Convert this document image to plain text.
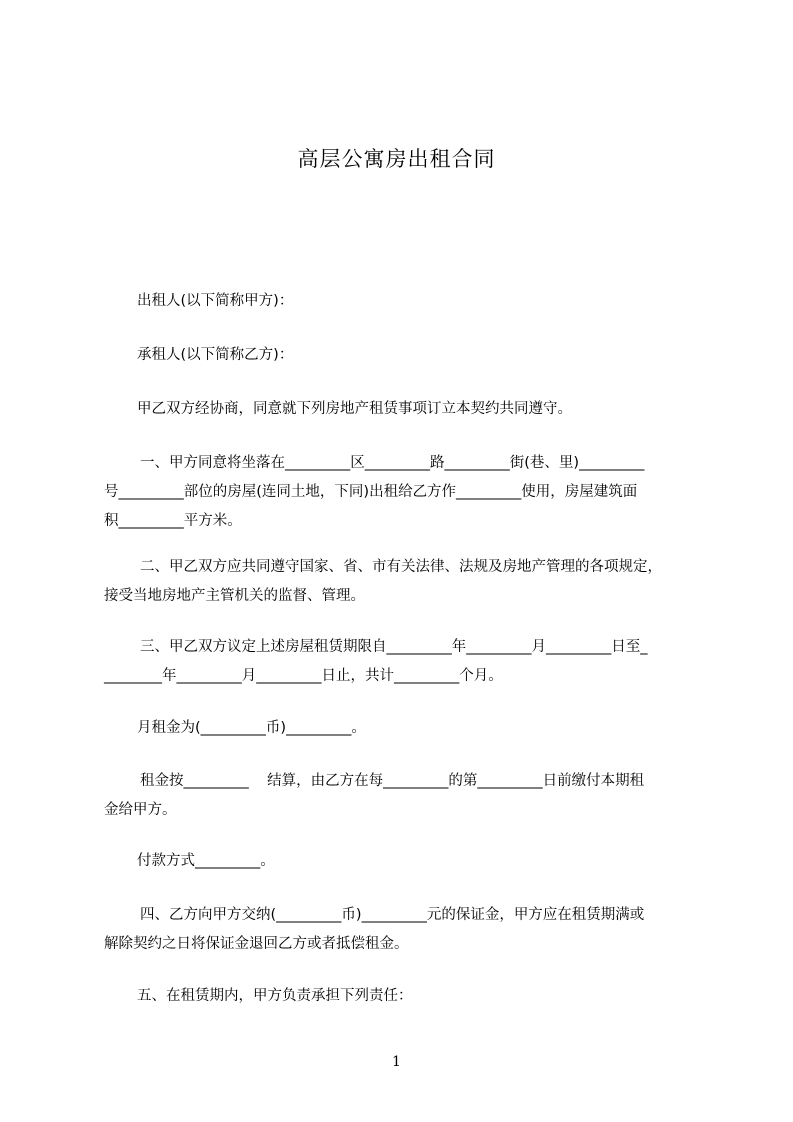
高层公寓房出租合同
出租人(以下简称甲方)：
承租人(以下简称乙方)：
甲乙双方经协商，同意就下列房地产租赁事项订立本契约共同遵守。
一、甲方同意将坐落在_________区_________路_________街(巷、里)_________
号_________部位的房屋(连同土地，下同)出租给乙方作_________使用，房屋建筑面
积_________平方米。
二、甲乙双方应共同遵守国家、省、市有关法律、法规及房地产管理的各项规定，
接受当地房地产主管机关的监督、管理。
三、甲乙双方议定上述房屋租赁期限自_________年_________月_________日至_
________年_________月_________日止，共计_________个月。
月租金为(_________币)_________。
租金按_________    结算，由乙方在每_________的第_________日前缴付本期租
金给甲方。
付款方式_________。
四、乙方向甲方交纳(_________币)_________元的保证金，甲方应在租赁期满或
解除契约之日将保证金退回乙方或者抵偿租金。
五、在租赁期内，甲方负责承担下列责任：
1
